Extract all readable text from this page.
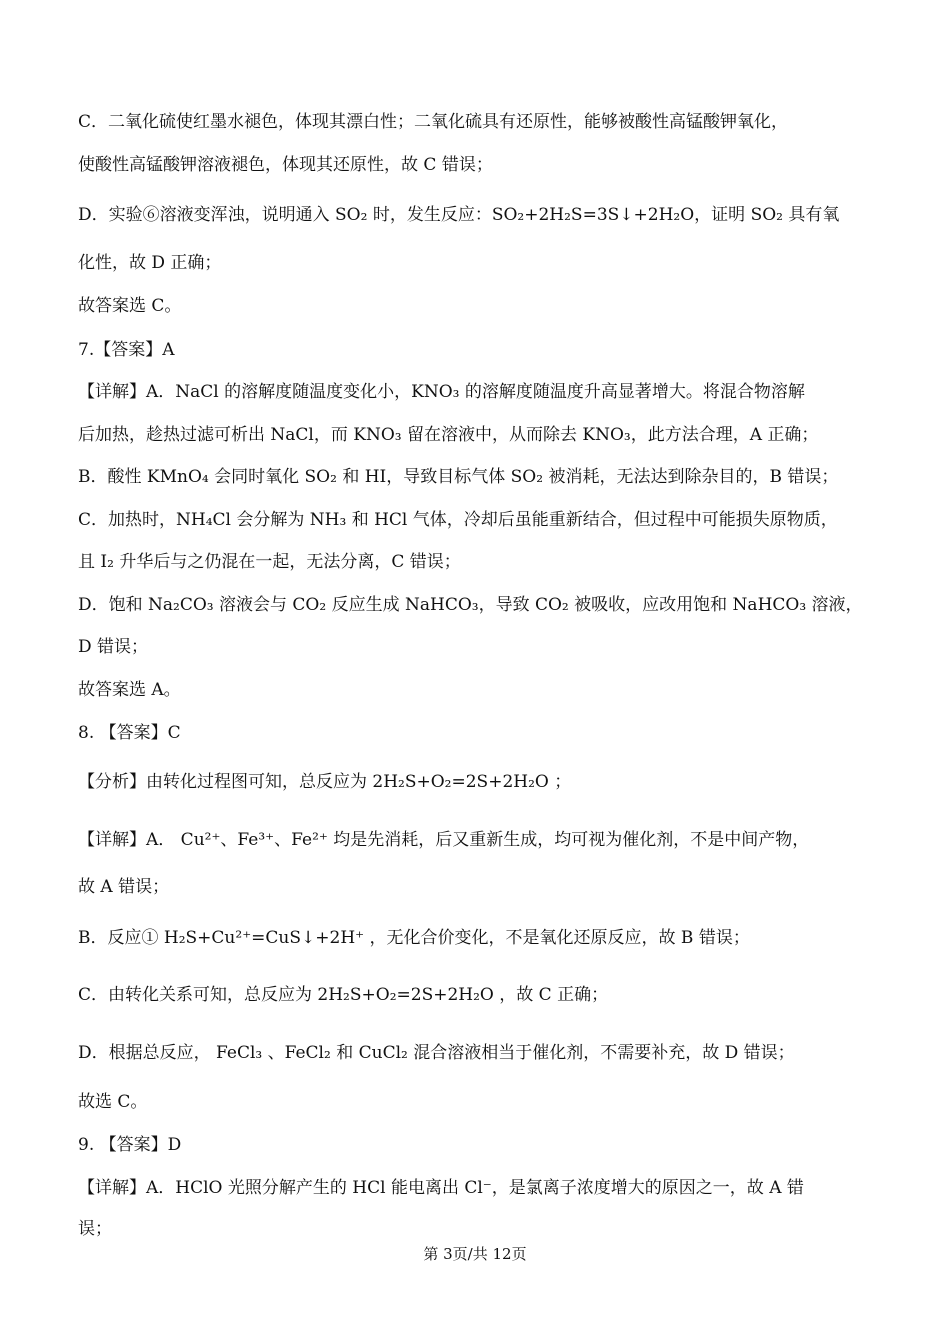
C．二氧化硫使红墨水褪色，体现其漂白性；二氧化硫具有还原性，能够被酸性高锰酸钾氧化，
使酸性高锰酸钾溶液褪色，体现其还原性，故 C 错误；
D．实验⑥溶液变浑浊，说明通入 SO₂ 时，发生反应：SO₂+2H₂S=3S↓+2H₂O，证明 SO₂ 具有氧
化性，故 D 正确；
故答案选 C。
7.【答案】A
【详解】A．NaCl 的溶解度随温度变化小，KNO₃ 的溶解度随温度升高显著增大。将混合物溶解
后加热，趁热过滤可析出 NaCl，而 KNO₃ 留在溶液中，从而除去 KNO₃，此方法合理，A 正确；
B．酸性 KMnO₄ 会同时氧化 SO₂ 和 HI，导致目标气体 SO₂ 被消耗，无法达到除杂目的，B 错误；
C．加热时，NH₄Cl 会分解为 NH₃ 和 HCl 气体，冷却后虽能重新结合，但过程中可能损失原物质，
且 I₂ 升华后与之仍混在一起，无法分离，C 错误；
D．饱和 Na₂CO₃ 溶液会与 CO₂ 反应生成 NaHCO₃，导致 CO₂ 被吸收，应改用饱和 NaHCO₃ 溶液，
D 错误；
故答案选 A。
8. 【答案】C
【分析】由转化过程图可知，总反应为 2H₂S+O₂=2S+2H₂O ；
【详解】A． Cu²⁺、Fe³⁺、Fe²⁺ 均是先消耗，后又重新生成，均可视为催化剂，不是中间产物，
故 A 错误；
B．反应① H₂S+Cu²⁺=CuS↓+2H⁺ ，无化合价变化，不是氧化还原反应，故 B 错误；
C．由转化关系可知，总反应为 2H₂S+O₂=2S+2H₂O ，故 C 正确；
D．根据总反应， FeCl₃ 、FeCl₂ 和 CuCl₂ 混合溶液相当于催化剂，不需要补充，故 D 错误；
故选 C。
9. 【答案】D
【详解】A．HClO 光照分解产生的 HCl 能电离出 Cl⁻，是氯离子浓度增大的原因之一，故 A 错
误；
第 3页/共 12页
